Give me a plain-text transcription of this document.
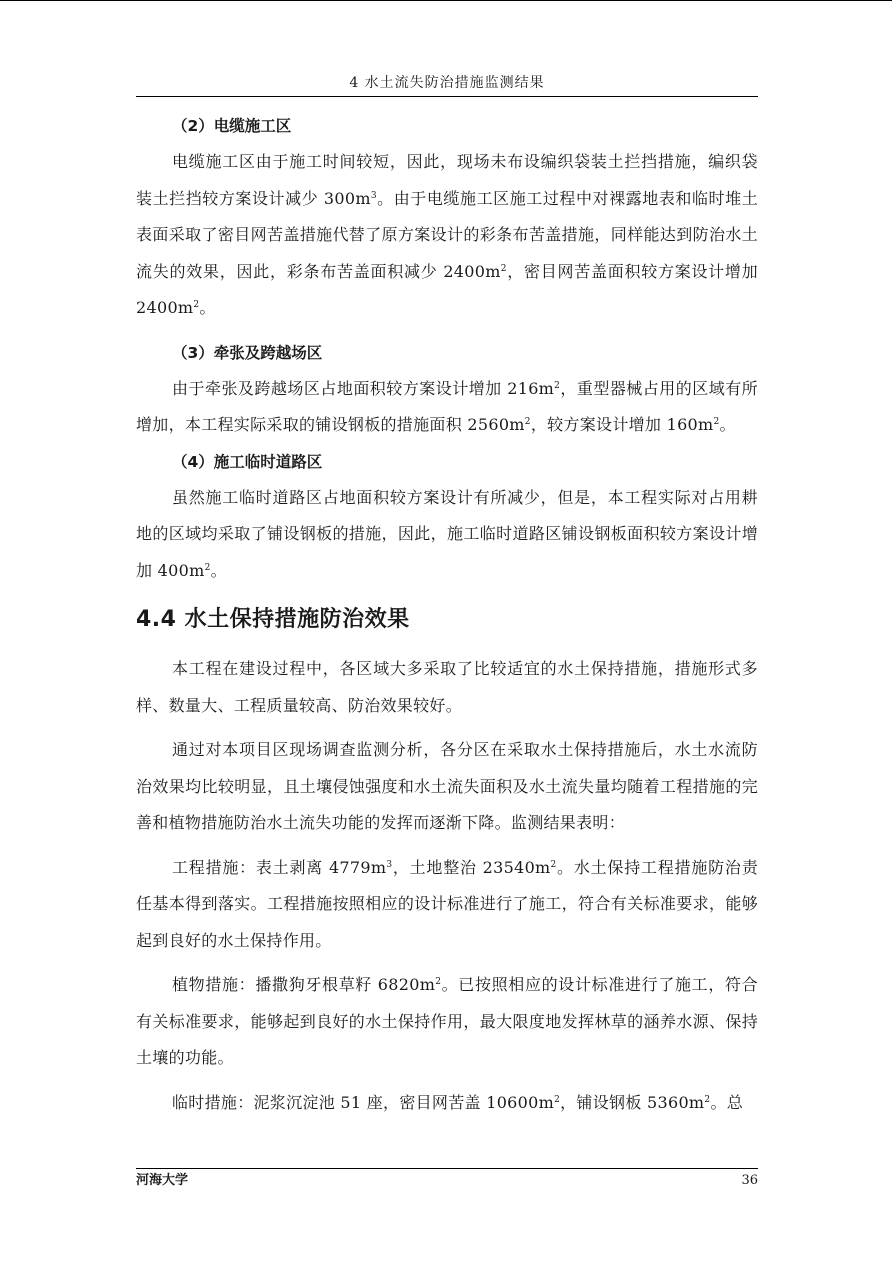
4 水土流失防治措施监测结果
（2）电缆施工区

电缆施工区由于施工时间较短，因此，现场未布设编织袋装土拦挡措施，编织袋装土拦挡较方案设计减少 $300m^3$。由于电缆施工区施工过程中对裸露地表和临时堆土表面采取了密目网苦盖措施代替了原方案设计的彩条布苦盖措施，同样能达到防治水土流失的效果，因此，彩条布苦盖面积减少 $2400m^2$，密目网苦盖面积较方案设计增加 $2400m^2$。

（3）牵张及跨越场区

由于牵张及跨越场区占地面积较方案设计增加 $216m^2$，重型器械占用的区域有所增加，本工程实际采取的铺设钢板的措施面积 $2560m^2$，较方案设计增加 $160m^2$。

（4）施工临时道路区

虽然施工临时道路区占地面积较方案设计有所减少，但是，本工程实际对占用耕地的区域均采取了铺设钢板的措施，因此，施工临时道路区铺设钢板面积较方案设计增加 $400m^2$。

4.4 水土保持措施防治效果

本工程在建设过程中，各区域大多采取了比较适宜的水土保持措施，措施形式多样、数量大、工程质量较高、防治效果较好。

通过对本项目区现场调查监测分析，各分区在采取水土保持措施后，水土水流防治效果均比较明显，且土壤侵蚀强度和水土流失面积及水土流失量均随着工程措施的完善和植物措施防治水土流失功能的发挥而逐渐下降。监测结果表明：

工程措施：表土剥离 $4779m^3$，土地整治 $23540m^2$。水土保持工程措施防治责任基本得到落实。工程措施按照相应的设计标准进行了施工，符合有关标准要求，能够起到良好的水土保持作用。

植物措施：播撒狗牙根草籽 $6820m^2$。已按照相应的设计标准进行了施工，符合有关标准要求，能够起到良好的水土保持作用，最大限度地发挥林草的涵养水源、保持土壤的功能。

临时措施：泥浆沉淀池 51 座，密目网苦盖 $10600m^2$，铺设钢板 $5360m^2$。总

河海大学	36
